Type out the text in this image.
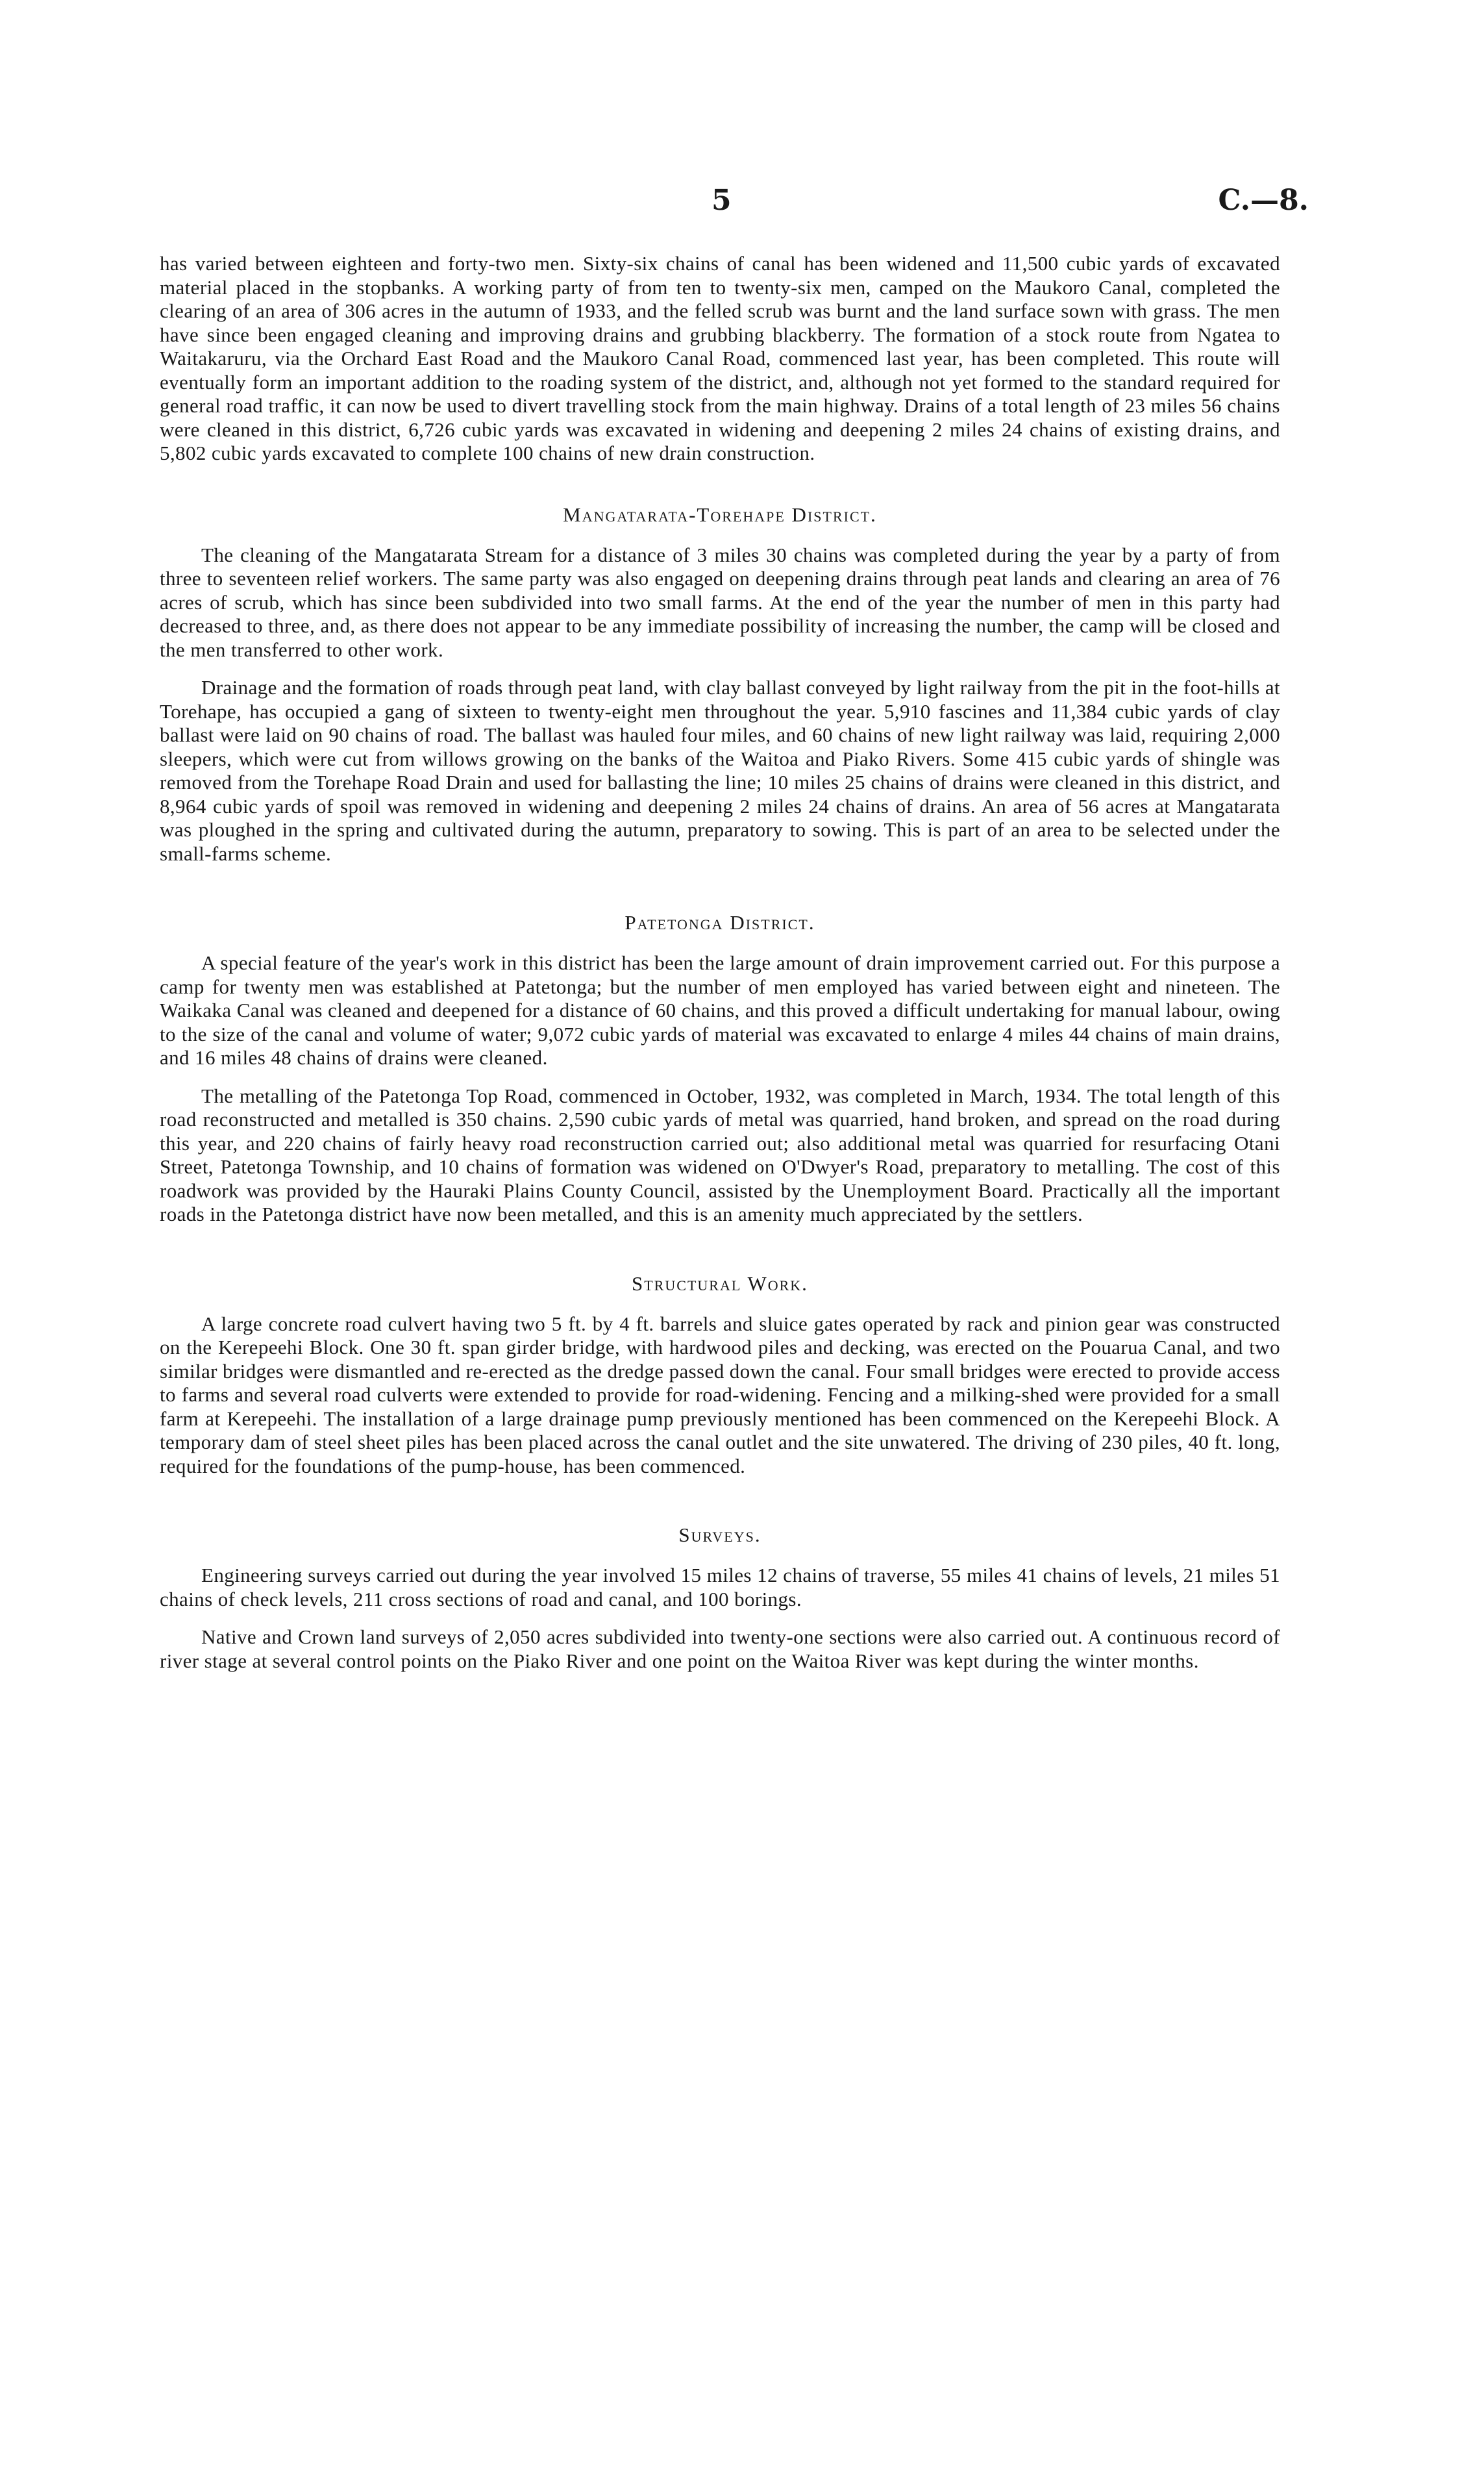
5	C.—8.

has varied between eighteen and forty-two men. Sixty-six chains of canal has been widened and 11,500 cubic yards of excavated material placed in the stopbanks. A working party of from ten to twenty-six men, camped on the Maukoro Canal, completed the clearing of an area of 306 acres in the autumn of 1933, and the felled scrub was burnt and the land surface sown with grass. The men have since been engaged cleaning and improving drains and grubbing blackberry. The formation of a stock route from Ngatea to Waitakaruru, via the Orchard East Road and the Maukoro Canal Road, commenced last year, has been completed. This route will eventually form an important addition to the roading system of the district, and, although not yet formed to the standard required for general road traffic, it can now be used to divert travelling stock from the main highway. Drains of a total length of 23 miles 56 chains were cleaned in this district, 6,726 cubic yards was excavated in widening and deepening 2 miles 24 chains of existing drains, and 5,802 cubic yards excavated to complete 100 chains of new drain construction.

Mangatarata-Torehape District.

The cleaning of the Mangatarata Stream for a distance of 3 miles 30 chains was completed during the year by a party of from three to seventeen relief workers. The same party was also engaged on deepening drains through peat lands and clearing an area of 76 acres of scrub, which has since been subdivided into two small farms. At the end of the year the number of men in this party had decreased to three, and, as there does not appear to be any immediate possibility of increasing the number, the camp will be closed and the men transferred to other work.

Drainage and the formation of roads through peat land, with clay ballast conveyed by light railway from the pit in the foot-hills at Torehape, has occupied a gang of sixteen to twenty-eight men throughout the year. 5,910 fascines and 11,384 cubic yards of clay ballast were laid on 90 chains of road. The ballast was hauled four miles, and 60 chains of new light railway was laid, requiring 2,000 sleepers, which were cut from willows growing on the banks of the Waitoa and Piako Rivers. Some 415 cubic yards of shingle was removed from the Torehape Road Drain and used for ballasting the line; 10 miles 25 chains of drains were cleaned in this district, and 8,964 cubic yards of spoil was removed in widening and deepening 2 miles 24 chains of drains. An area of 56 acres at Mangatarata was ploughed in the spring and cultivated during the autumn, preparatory to sowing. This is part of an area to be selected under the small-farms scheme.

Patetonga District.

A special feature of the year's work in this district has been the large amount of drain improvement carried out. For this purpose a camp for twenty men was established at Patetonga; but the number of men employed has varied between eight and nineteen. The Waikaka Canal was cleaned and deepened for a distance of 60 chains, and this proved a difficult undertaking for manual labour, owing to the size of the canal and volume of water; 9,072 cubic yards of material was excavated to enlarge 4 miles 44 chains of main drains, and 16 miles 48 chains of drains were cleaned.

The metalling of the Patetonga Top Road, commenced in October, 1932, was completed in March, 1934. The total length of this road reconstructed and metalled is 350 chains. 2,590 cubic yards of metal was quarried, hand broken, and spread on the road during this year, and 220 chains of fairly heavy road reconstruction carried out; also additional metal was quarried for resurfacing Otani Street, Patetonga Township, and 10 chains of formation was widened on O'Dwyer's Road, preparatory to metalling. The cost of this roadwork was provided by the Hauraki Plains County Council, assisted by the Unemployment Board. Practically all the important roads in the Patetonga district have now been metalled, and this is an amenity much appreciated by the settlers.

Structural Work.

A large concrete road culvert having two 5 ft. by 4 ft. barrels and sluice gates operated by rack and pinion gear was constructed on the Kerepeehi Block. One 30 ft. span girder bridge, with hardwood piles and decking, was erected on the Pouarua Canal, and two similar bridges were dismantled and re-erected as the dredge passed down the canal. Four small bridges were erected to provide access to farms and several road culverts were extended to provide for road-widening. Fencing and a milking-shed were provided for a small farm at Kerepeehi. The installation of a large drainage pump previously mentioned has been commenced on the Kerepeehi Block. A temporary dam of steel sheet piles has been placed across the canal outlet and the site unwatered. The driving of 230 piles, 40 ft. long, required for the foundations of the pump-house, has been commenced.

Surveys.

Engineering surveys carried out during the year involved 15 miles 12 chains of traverse, 55 miles 41 chains of levels, 21 miles 51 chains of check levels, 211 cross sections of road and canal, and 100 borings.

Native and Crown land surveys of 2,050 acres subdivided into twenty-one sections were also carried out. A continuous record of river stage at several control points on the Piako River and one point on the Waitoa River was kept during the winter months.
